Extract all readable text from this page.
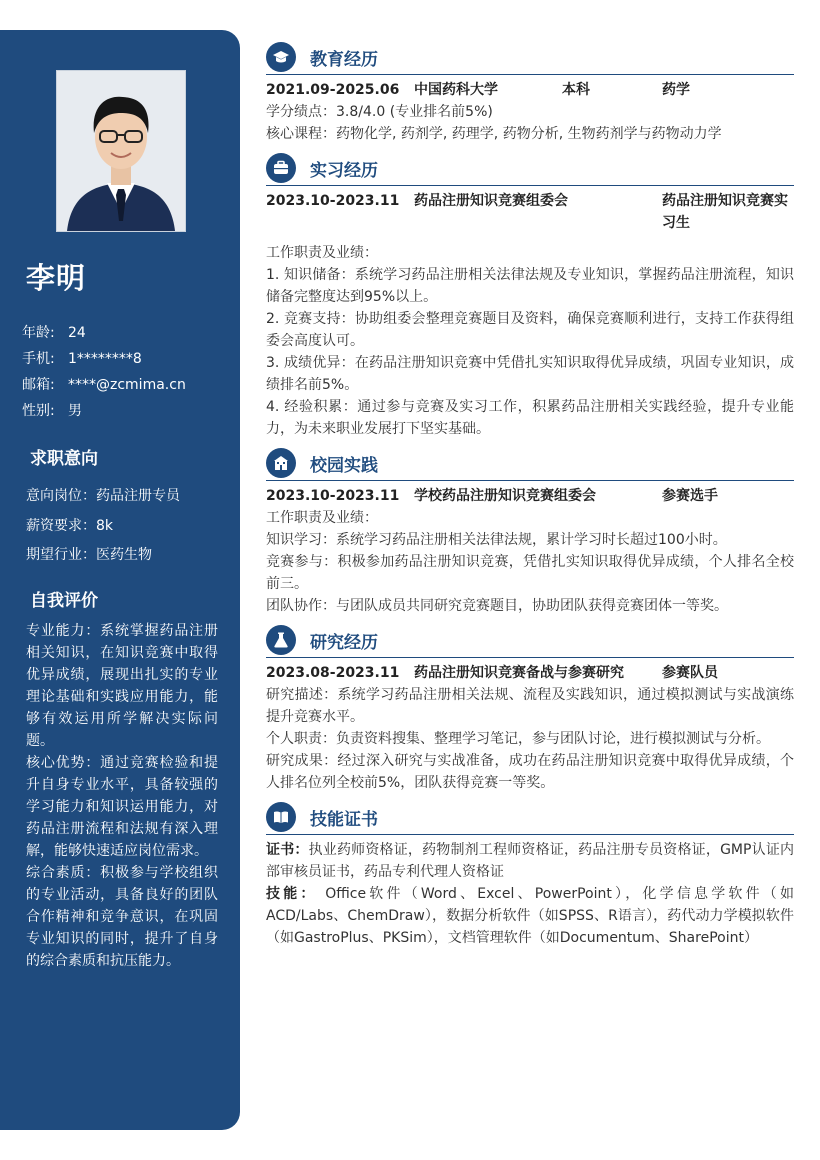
李明
年龄: 24
手机: 1********8
邮箱: ****@zcmima.cn
性别: 男
求职意向
意向岗位：药品注册专员
薪资要求：8k
期望行业：医药生物
自我评价

专业能力：系统掌握药品注册相关知识，在知识竞赛中取得优异成绩，展现出扎实的专业理论基础和实践应用能力，能够有效运用所学解决实际问题。

核心优势：通过竞赛检验和提升自身专业水平，具备较强的学习能力和知识运用能力，对药品注册流程和法规有深入理解，能够快速适应岗位需求。

综合素质：积极参与学校组织的专业活动，具备良好的团队合作精神和竞争意识，在巩固专业知识的同时，提升了自身的综合素质和抗压能力。

教育经历
2021.09-2025.06	中国药科大学	本科	药学

学分绩点：3.8/4.0 (专业排名前5%)

核心课程：药物化学, 药剂学, 药理学, 药物分析, 生物药剂学与药物动力学

实习经历
2023.10-2023.11	药品注册知识竞赛组委会	药品注册知识竞赛实习生

工作职责及业绩：

1. 知识储备：系统学习药品注册相关法律法规及专业知识，掌握药品注册流程，知识储备完整度达到95%以上。

2. 竞赛支持：协助组委会整理竞赛题目及资料，确保竞赛顺利进行，支持工作获得组委会高度认可。

3. 成绩优异：在药品注册知识竞赛中凭借扎实知识取得优异成绩，巩固专业知识，成绩排名前5%。

4. 经验积累：通过参与竞赛及实习工作，积累药品注册相关实践经验，提升专业能力，为未来职业发展打下坚实基础。

校园实践
2023.10-2023.11	学校药品注册知识竞赛组委会	参赛选手

工作职责及业绩：

知识学习：系统学习药品注册相关法律法规，累计学习时长超过100小时。

竞赛参与：积极参加药品注册知识竞赛，凭借扎实知识取得优异成绩，个人排名全校前三。

团队协作：与团队成员共同研究竞赛题目，协助团队获得竞赛团体一等奖。

研究经历
2023.08-2023.11	药品注册知识竞赛备战与参赛研究	参赛队员

研究描述：系统学习药品注册相关法规、流程及实践知识，通过模拟测试与实战演练提升竞赛水平。

个人职责：负责资料搜集、整理学习笔记，参与团队讨论，进行模拟测试与分析。

研究成果：经过深入研究与实战准备，成功在药品注册知识竞赛中取得优异成绩，个人排名位列全校前5%，团队获得竞赛一等奖。

技能证书

证书：执业药师资格证，药物制剂工程师资格证，药品注册专员资格证，GMP认证内部审核员证书，药品专利代理人资格证

技能： Office软件（Word、Excel、PowerPoint），化学信息学软件（如ACD/Labs、ChemDraw），数据分析软件（如SPSS、R语言），药代动力学模拟软件（如GastroPlus、PKSim），文档管理软件（如Documentum、SharePoint）
